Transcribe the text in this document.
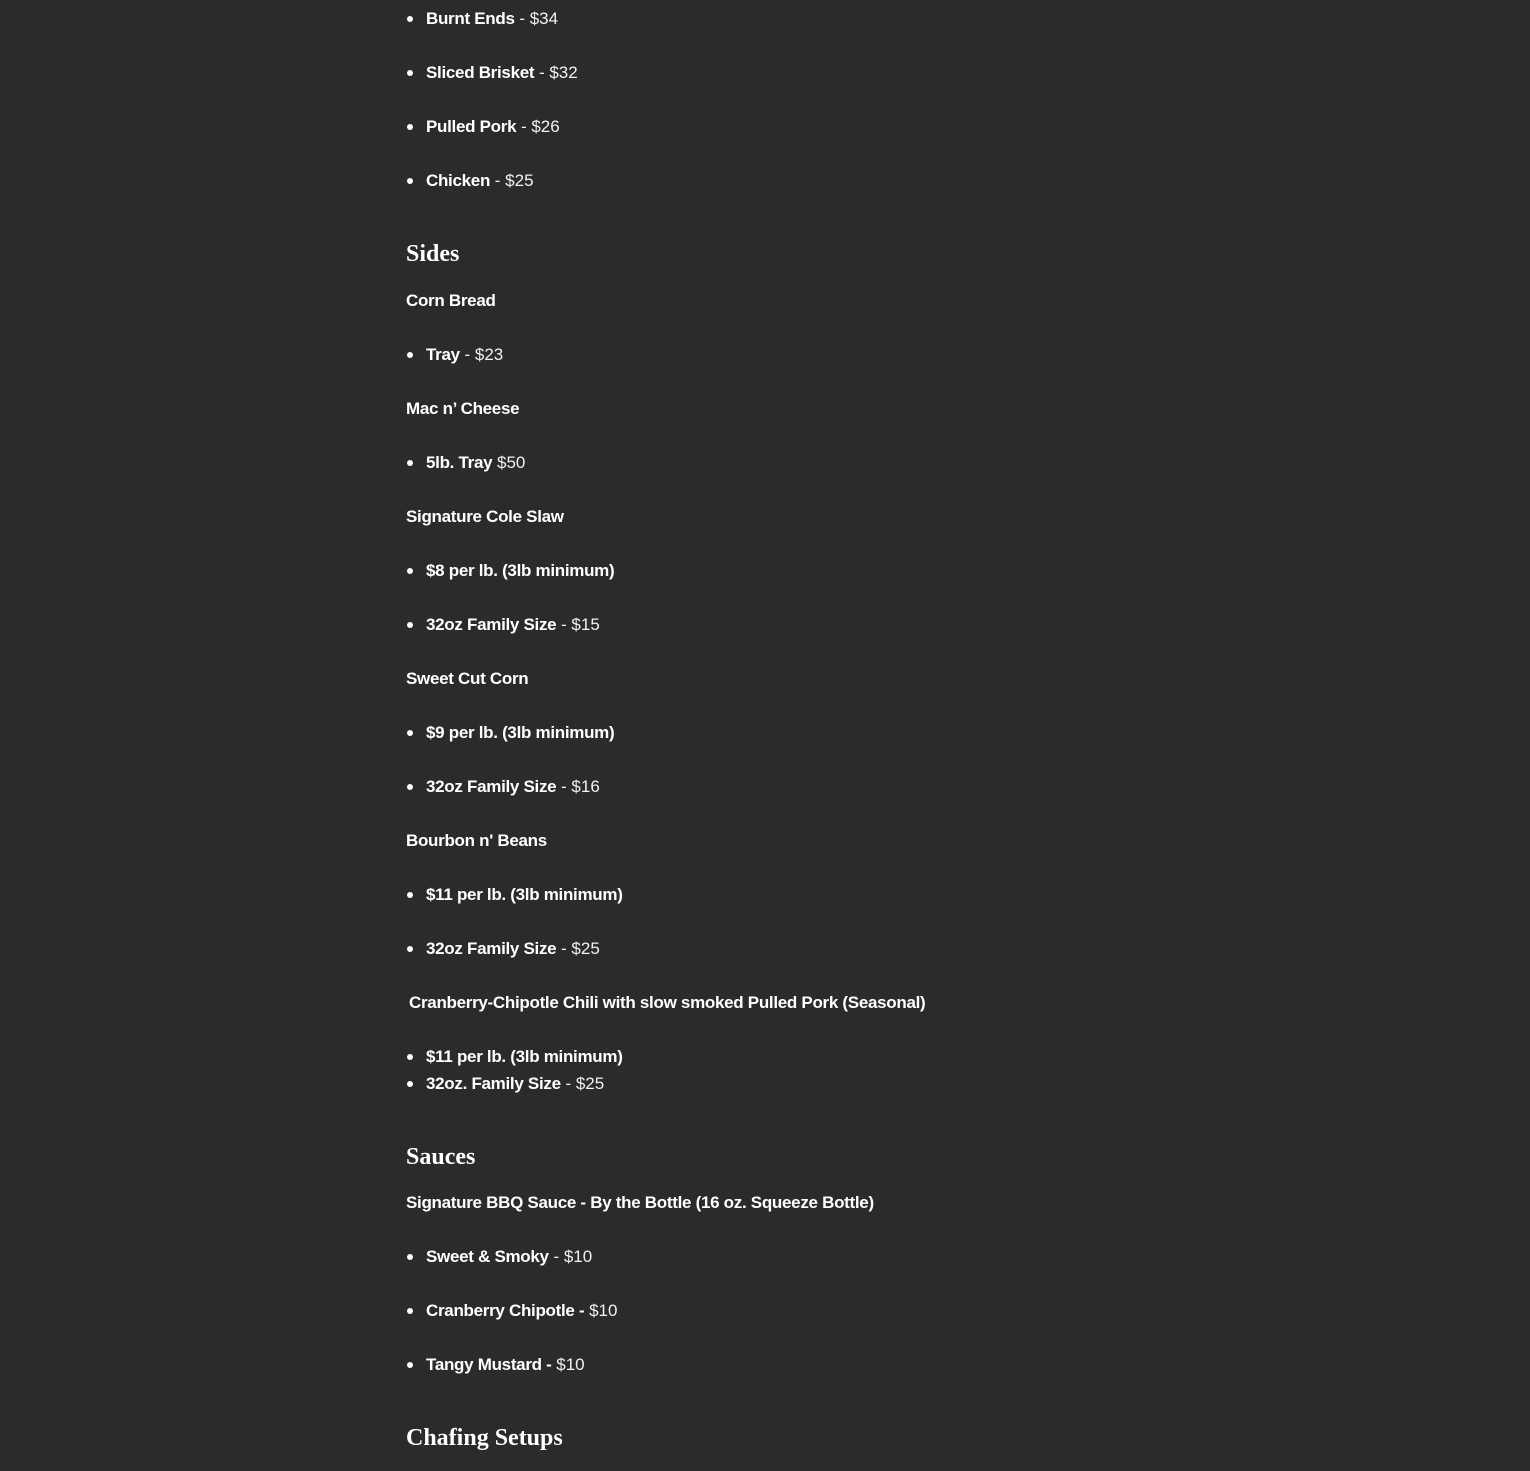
Burnt Ends - $34
Sliced Brisket - $32
Pulled Pork - $26
Chicken - $25
Sides
Corn Bread
Tray - $23
Mac n’ Cheese
5lb. Tray $50
Signature Cole Slaw
$8 per lb. (3lb minimum)
32oz Family Size - $15
Sweet Cut Corn
$9 per lb. (3lb minimum)
32oz Family Size - $16
Bourbon n' Beans
$11 per lb. (3lb minimum)
32oz Family Size - $25
Cranberry-Chipotle Chili with slow smoked Pulled Pork (Seasonal)
$11 per lb. (3lb minimum)
32oz. Family Size - $25
Sauces
Signature BBQ Sauce - By the Bottle (16 oz. Squeeze Bottle)
Sweet & Smoky - $10
Cranberry Chipotle - $10
Tangy Mustard - $10
Chafing Setups
